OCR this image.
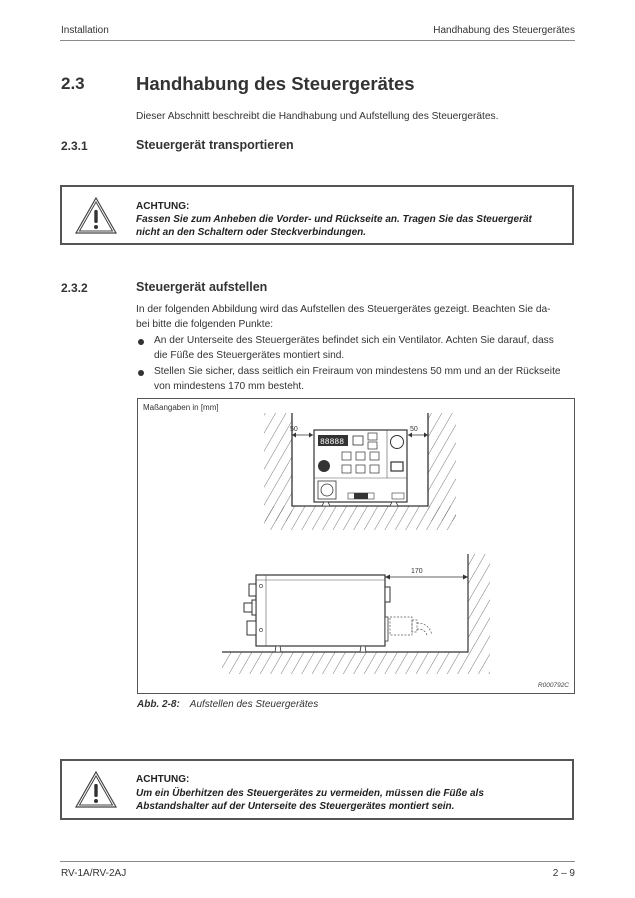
Installation	Handhabung des Steuergerätes
2.3	Handhabung des Steuergerätes
Dieser Abschnitt beschreibt die Handhabung und Aufstellung des Steuergerätes.
2.3.1	Steuergerät transportieren
ACHTUNG:
Fassen Sie zum Anheben die Vorder- und Rückseite an. Tragen Sie das Steuergerät
nicht an den Schaltern oder Steckverbindungen.
2.3.2	Steuergerät aufstellen
In der folgenden Abbildung wird das Aufstellen des Steuergerätes gezeigt. Beachten Sie da-
bei bitte die folgenden Punkte:
An der Unterseite des Steuergerätes befindet sich ein Ventilator. Achten Sie darauf, dass
die Füße des Steuergerätes montiert sind.
Stellen Sie sicher, dass seitlich ein Freiraum von mindestens 50 mm und an der Rückseite
von mindestens 170 mm besteht.
Maßangaben in [mm]
R000792C
88888
50	50
170
Abb. 2-8: Aufstellen des Steuergerätes
ACHTUNG:
Um ein Überhitzen des Steuergerätes zu vermeiden, müssen die Füße als
Abstandshalter auf der Unterseite des Steuergerätes montiert sein.
RV-1A/RV-2AJ	2 – 9
